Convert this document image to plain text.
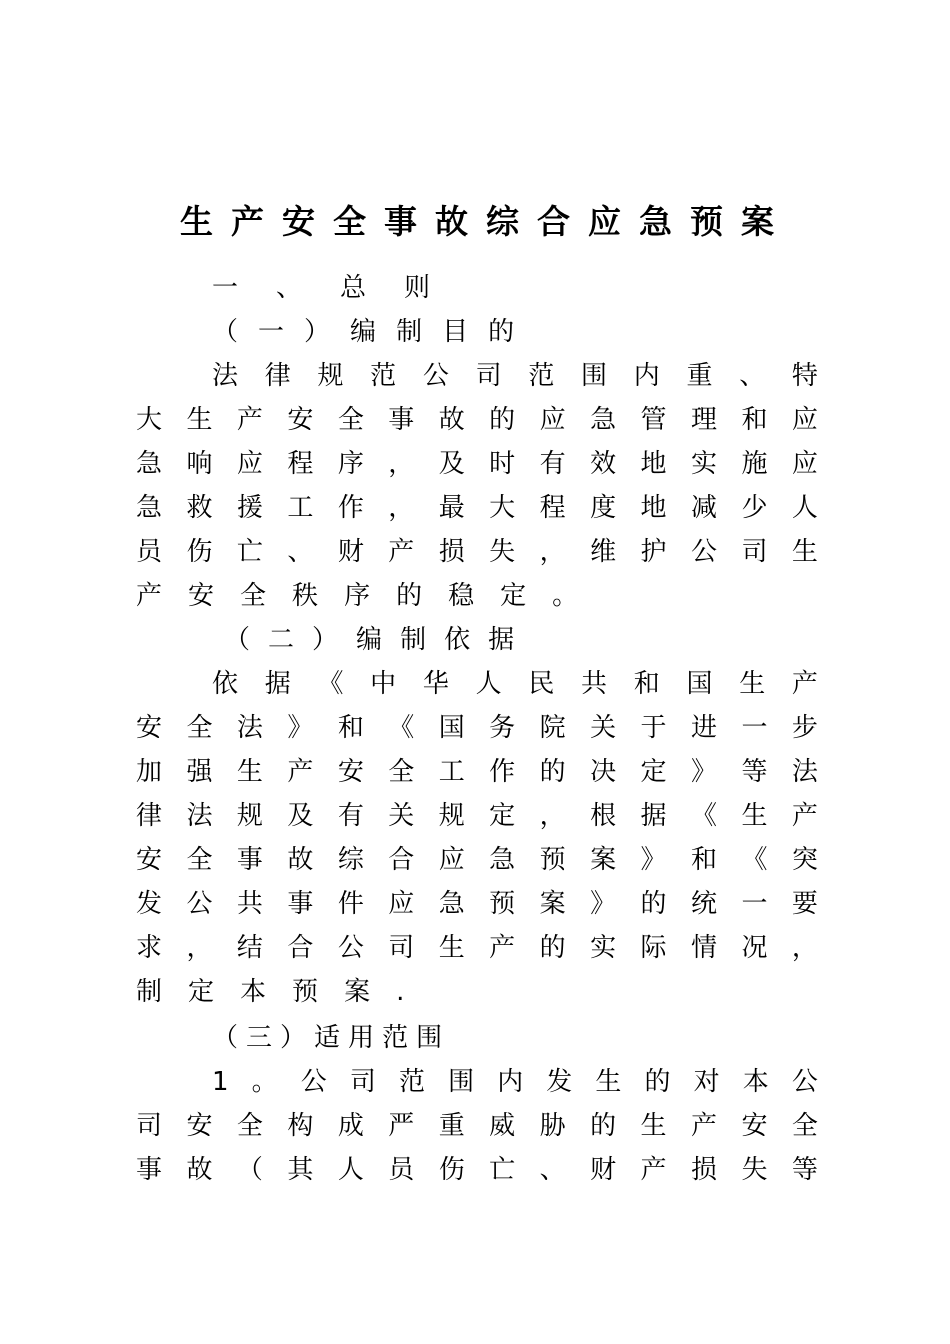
生产安全事故综合应急预案
一 、 总 则
（ 一 ） 编 制 目 的
法 律 规 范 公 司 范 围 内 重 、 特
大 生 产 安 全 事 故 的 应 急 管 理 和 应
急 响 应 程 序 ， 及 时 有 效 地 实 施 应
急 救 援 工 作 ， 最 大 程 度 地 减 少 人
员 伤 亡 、 财 产 损 失 ， 维 护 公 司 生
产 安 全 秩 序 的 稳 定 。
（ 二 ） 编 制 依 据
依 据 《 中 华 人 民 共 和 国 生 产
安 全 法 》 和 《 国 务 院 关 于 进 一 步
加 强 生 产 安 全 工 作 的 决 定 》 等 法
律 法 规 及 有 关 规 定 ， 根 据 《 生 产
安 全 事 故 综 合 应 急 预 案 》 和 《 突
发 公 共 事 件 应 急 预 案 》 的 统 一 要
求 ， 结 合 公 司 生 产 的 实 际 情 况 ，
制 定 本 预 案 .
（ 三 ） 适 用 范 围
1 。 公 司 范 围 内 发 生 的 对 本 公
司 安 全 构 成 严 重 威 胁 的 生 产 安 全
事 故 （ 其 人 员 伤 亡 、 财 产 损 失 等
